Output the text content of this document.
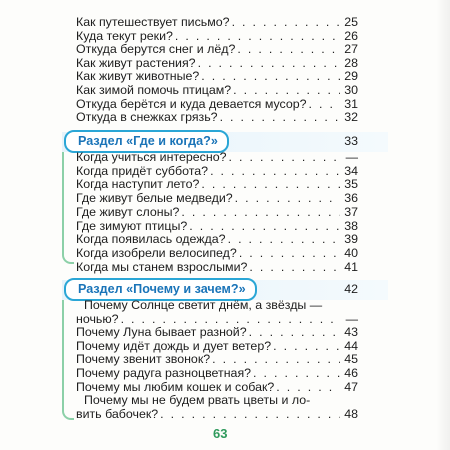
Как путешествует письмо? . . .	25
Куда текут реки? . . .	26
Откуда берутся снег и лёд? . . .	27
Как живут растения? . . .	28
Как живут животные? . . .	29
Как зимой помочь птицам? . . .	30
Откуда берётся и куда девается мусор? . . .	31
Откуда в снежках грязь? . . .	32
Раздел «Где и когда?»	33
Когда учиться интересно? . . .	—
Когда придёт суббота? . . .	34
Когда наступит лето? . . .	35
Где живут белые медведи? . . .	36
Где живут слоны? . . .	37
Где зимуют птицы? . . .	38
Когда появилась одежда? . . .	39
Когда изобрели велосипед? . . .	40
Когда мы станем взрослыми? . . .	41
Раздел «Почему и зачем?»	42
Почему Солнце светит днём, а звёзды —
ночью? . . .	—
Почему Луна бывает разной? . . .	43
Почему идёт дождь и дует ветер? . . .	44
Почему звенит звонок? . . .	45
Почему радуга разноцветная? . . .	46
Почему мы любим кошек и собак? . . .	47
Почему мы не будем рвать цветы и ло-
вить бабочек? . . .	48
63
